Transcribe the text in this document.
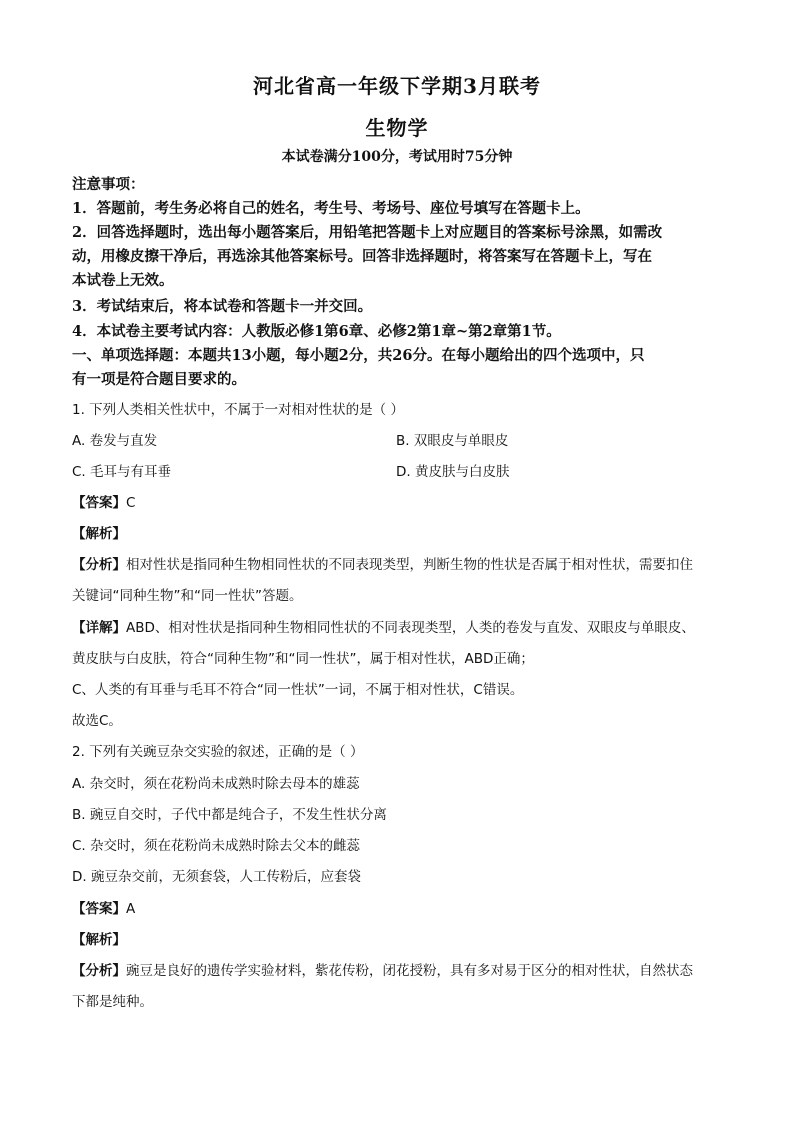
河北省高一年级下学期3月联考
生物学
本试卷满分100分，考试用时75分钟
注意事项：
1．答题前，考生务必将自己的姓名，考生号、考场号、座位号填写在答题卡上。
2．回答选择题时，选出每小题答案后，用铅笔把答题卡上对应题目的答案标号涂黑，如需改
动，用橡皮擦干净后，再选涂其他答案标号。回答非选择题时，将答案写在答题卡上，写在
本试卷上无效。
3．考试结束后，将本试卷和答题卡一并交回。
4．本试卷主要考试内容：人教版必修1第6章、必修2第1章~第2章第1节。
一、单项选择题：本题共13小题，每小题2分，共26分。在每小题给出的四个选项中，只
有一项是符合题目要求的。
1. 下列人类相关性状中，不属于一对相对性状的是（ ）
A. 卷发与直发	B. 双眼皮与单眼皮
C. 毛耳与有耳垂	D. 黄皮肤与白皮肤
【答案】C
【解析】
【分析】相对性状是指同种生物相同性状的不同表现类型，判断生物的性状是否属于相对性状，需要扣住
关键词“同种生物”和“同一性状”答题。
【详解】ABD、相对性状是指同种生物相同性状的不同表现类型，人类的卷发与直发、双眼皮与单眼皮、
黄皮肤与白皮肤，符合“同种生物”和“同一性状”，属于相对性状，ABD正确；
C、人类的有耳垂与毛耳不符合“同一性状”一词，不属于相对性状，C错误。
故选C。
2. 下列有关豌豆杂交实验的叙述，正确的是（ ）
A. 杂交时，须在花粉尚未成熟时除去母本的雄蕊
B. 豌豆自交时，子代中都是纯合子，不发生性状分离
C. 杂交时，须在花粉尚未成熟时除去父本的雌蕊
D. 豌豆杂交前，无须套袋，人工传粉后，应套袋
【答案】A
【解析】
【分析】豌豆是良好的遗传学实验材料，紫花传粉，闭花授粉，具有多对易于区分的相对性状，自然状态
下都是纯种。
